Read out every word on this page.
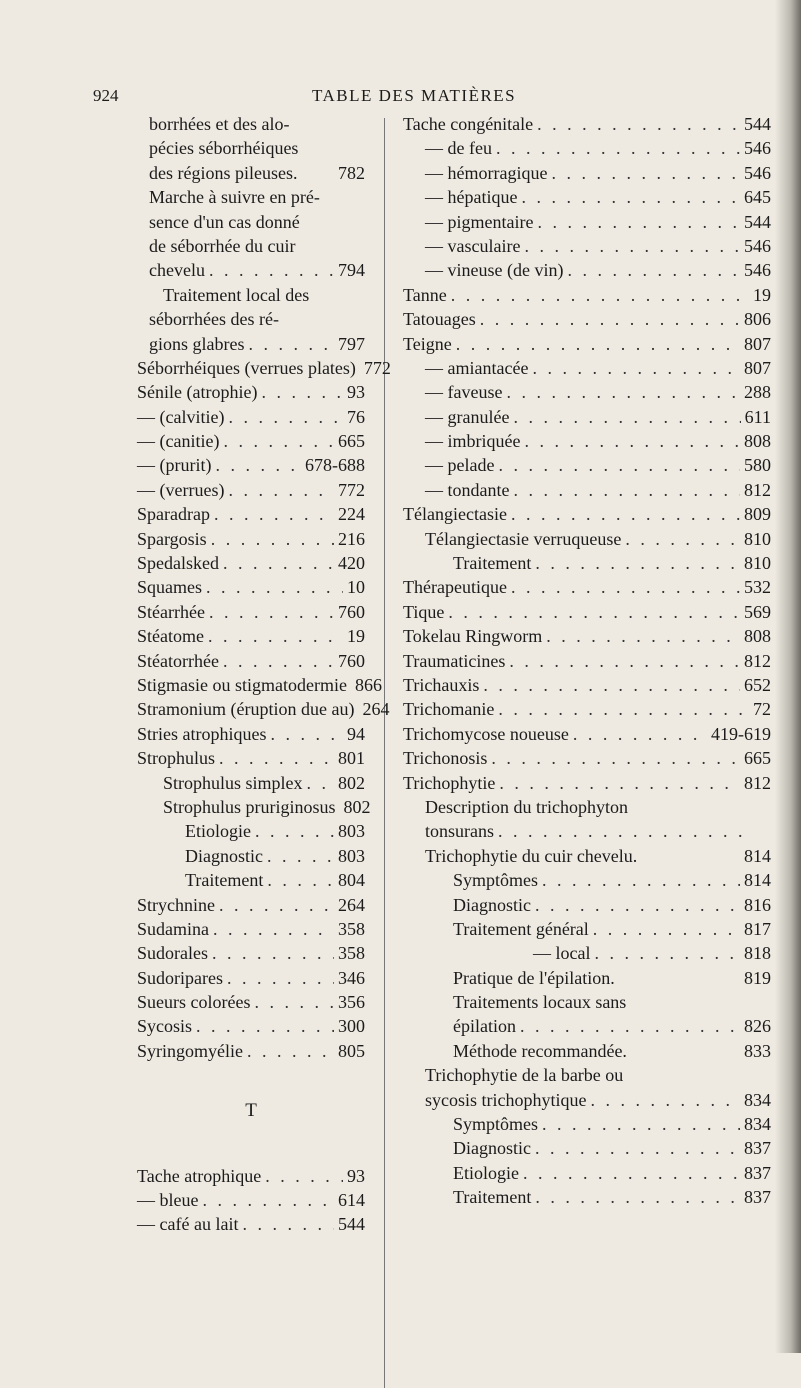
924	TABLE DES MATIÈRES
borrhées et des alo-
pécies séborrhéiques
des régions pileuses. 782
Marche à suivre en pré-
sence d'un cas donné
de séborrhée du cuir
chevelu . . .	794
Traitement local des
séborrhées des ré-
gions glabres . . .	797
Séborrhéiques (verrues plates) 772
Sénile (atrophie) . . .	93
— (calvitie) . . .	76
— (canitie) . . .	665
— (prurit) . . .	678-688
— (verrues) . . .	772
Sparadrap . . .	224
Spargosis . . .	216
Spedalsked . . .	420
Squames . . .	10
Stéarrhée . . .	760
Stéatome . . .	19
Stéatorrhée . . .	760
Stigmasie ou stigmatodermie 866
Stramonium (éruption due au) 264
Stries atrophiques . . .	94
Strophulus . . .	801
Strophulus simplex . . . 802
Strophulus pruriginosus 802
Etiologie . . .	803
Diagnostic . . .	803
Traitement . . .	804
Strychnine . . .	264
Sudamina . . .	358
Sudorales . . .	358
Sudoripares . . .	346
Sueurs colorées . . .	356
Sycosis . . .	300
Syringomyélie . . .	805
T
Tache atrophique . . .	93
— bleue . . .	614
— café au lait . . .	544
Tache congénitale . . .	544
— de feu . . .	546
— hémorragique . . .	546
— hépatique . . .	645
— pigmentaire . . .	544
— vasculaire . . .	546
— vineuse (de vin) . . .	546
Tanne . . .	19
Tatouages . . .	806
Teigne . . .	807
— amiantacée . . .	807
— faveuse . . .	288
— granulée . . .	611
— imbriquée . . .	808
— pelade . . .	580
— tondante . . .	812
Télangiectasie . . .	809
Télangiectasie verruqueuse . . .	810
Traitement . . .	810
Thérapeutique . . .	532
Tique . . .	569
Tokelau Ringworm . . .	808
Traumaticines . . .	812
Trichauxis . . .	652
Trichomanie . . .	72
Trichomycose noueuse . . .	419-619
Trichonosis . . .	665
Trichophytie . . .	812
Description du trichophyton
tonsurans
. . .
Trichophytie du cuir chevelu.	814
Symptômes . . .	814
Diagnostic . . .	816
Traitement général . . .	817
— local . . .	818
Pratique de l'épilation.	819
Traitements locaux sans
épilation . . .	826
Méthode recommandée.	833
Trichophytie de la barbe ou
sycosis trichophytique . . .	834
Symptômes . . .	834
Diagnostic . . .	837
Etiologie . . .	837
Traitement . . .	837
